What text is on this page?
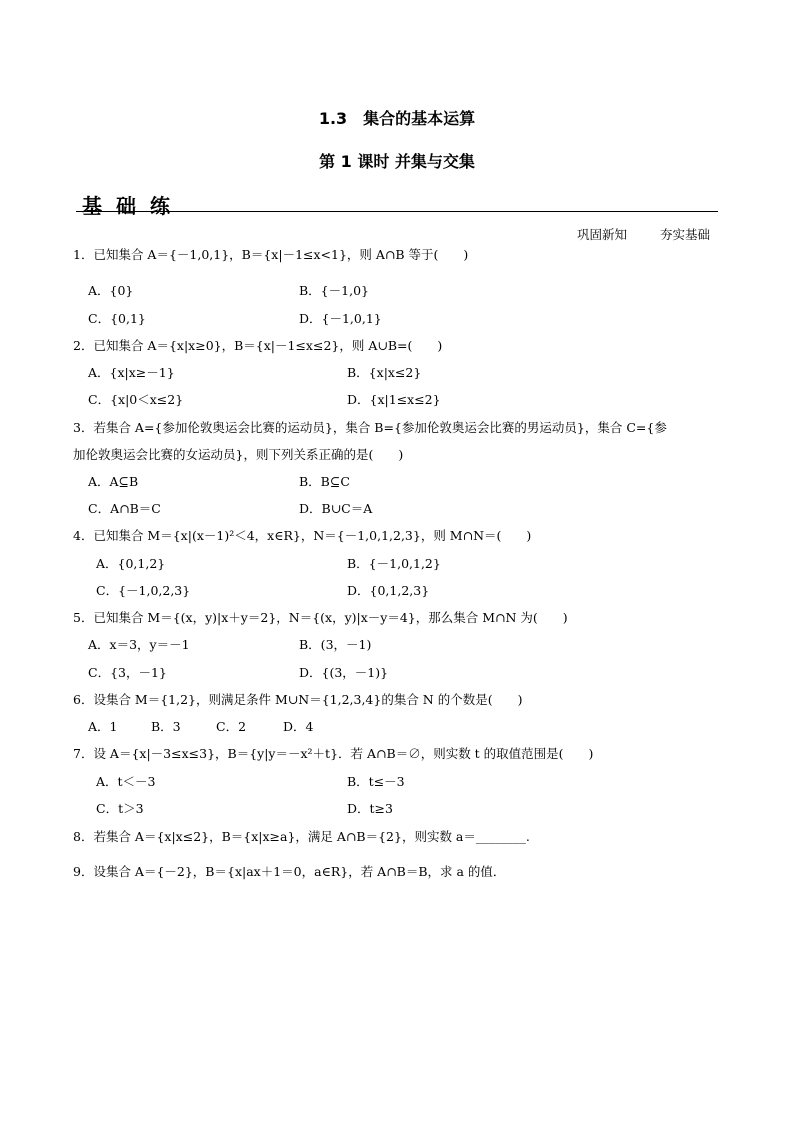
1.3　集合的基本运算
第 1 课时 并集与交集
基础练
巩固新知	夯实基础
1．已知集合 A＝{－1,0,1}，B＝{x|－1≤x<1}，则 A∩B 等于(　　)
A．{0}	B．{－1,0}
C．{0,1}	D．{－1,0,1}
2．已知集合 A＝{x|x≥0}，B＝{x|－1≤x≤2}，则 A∪B=(　　)
A．{x|x≥－1}	B．{x|x≤2}
C．{x|0＜x≤2}	D．{x|1≤x≤2}
3．若集合 A={参加伦敦奥运会比赛的运动员}，集合 B={参加伦敦奥运会比赛的男运动员}，集合 C={参
加伦敦奥运会比赛的女运动员}，则下列关系正确的是(　　)
A．A⊆B	B．B⊆C
C．A∩B＝C	D．B∪C＝A
4．已知集合 M＝{x|(x－1)²＜4，x∈R}，N＝{－1,0,1,2,3}，则 M∩N＝(　　)
A．{0,1,2}	B．{－1,0,1,2}
C．{－1,0,2,3}	D．{0,1,2,3}
5．已知集合 M＝{(x，y)|x＋y＝2}，N＝{(x，y)|x－y＝4}，那么集合 M∩N 为(　　)
A．x＝3，y＝－1	B．(3，－1)
C．{3，－1}	D．{(3，－1)}
6．设集合 M＝{1,2}，则满足条件 M∪N＝{1,2,3,4}的集合 N 的个数是(　　)
A．1	B．3	C．2	D．4
7．设 A＝{x|－3≤x≤3}，B＝{y|y＝－x²＋t}．若 A∩B＝∅，则实数 t 的取值范围是(　　)
A．t＜－3	B．t≤－3
C．t＞3	D．t≥3
8．若集合 A＝{x|x≤2}，B＝{x|x≥a}，满足 A∩B＝{2}，则实数 a＝________.
9．设集合 A＝{－2}，B＝{x|ax＋1＝0，a∈R}，若 A∩B＝B，求 a 的值．
